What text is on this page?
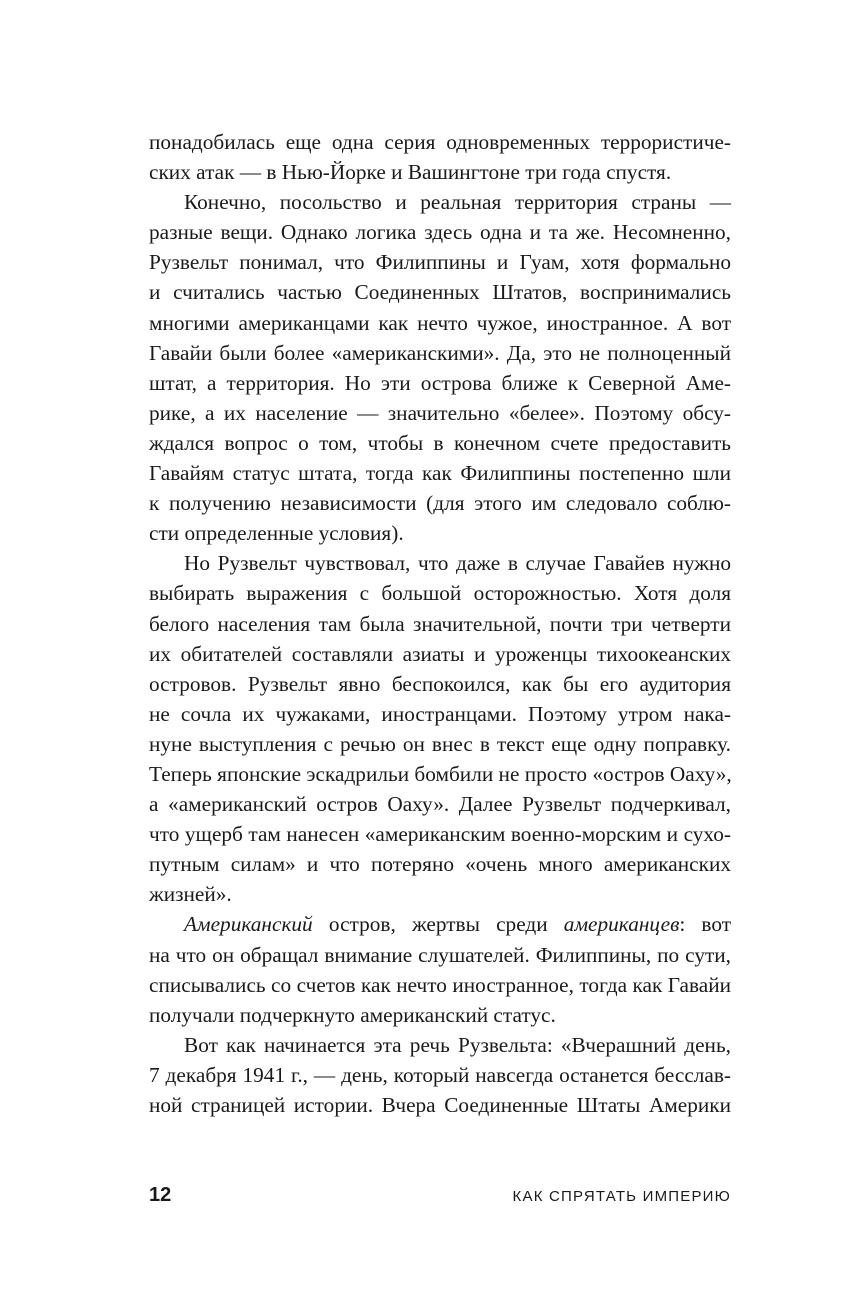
понадобилась еще одна серия одновременных террористиче-
ских атак — в Нью-Йорке и Вашингтоне три года спустя.
Конечно, посольство и реальная территория страны —
разные вещи. Однако логика здесь одна и та же. Несомненно,
Рузвельт понимал, что Филиппины и Гуам, хотя формально
и считались частью Соединенных Штатов, воспринимались
многими американцами как нечто чужое, иностранное. А вот
Гавайи были более «американскими». Да, это не полноценный
штат, а территория. Но эти острова ближе к Северной Аме-
рике, а их население — значительно «белее». Поэтому обсу-
ждался вопрос о том, чтобы в конечном счете предоставить
Гавайям статус штата, тогда как Филиппины постепенно шли
к получению независимости (для этого им следовало соблю-
сти определенные условия).
Но Рузвельт чувствовал, что даже в случае Гавайев нужно
выбирать выражения с большой осторожностью. Хотя доля
белого населения там была значительной, почти три четверти
их обитателей составляли азиаты и уроженцы тихоокеанских
островов. Рузвельт явно беспокоился, как бы его аудитория
не сочла их чужаками, иностранцами. Поэтому утром нака-
нуне выступления с речью он внес в текст еще одну поправку.
Теперь японские эскадрильи бомбили не просто «остров Оаху»,
а «американский остров Оаху». Далее Рузвельт подчеркивал,
что ущерб там нанесен «американским военно-морским и сухо-
путным силам» и что потеряно «очень много американских
жизней».
Американский остров, жертвы среди американцев: вот
на что он обращал внимание слушателей. Филиппины, по сути,
списывались со счетов как нечто иностранное, тогда как Гавайи
получали подчеркнуто американский статус.
Вот как начинается эта речь Рузвельта: «Вчерашний день,
7 декабря 1941 г., — день, который навсегда останется бесслав-
ной страницей истории. Вчера Соединенные Штаты Америки
12	КАК СПРЯТАТЬ ИМПЕРИЮ
